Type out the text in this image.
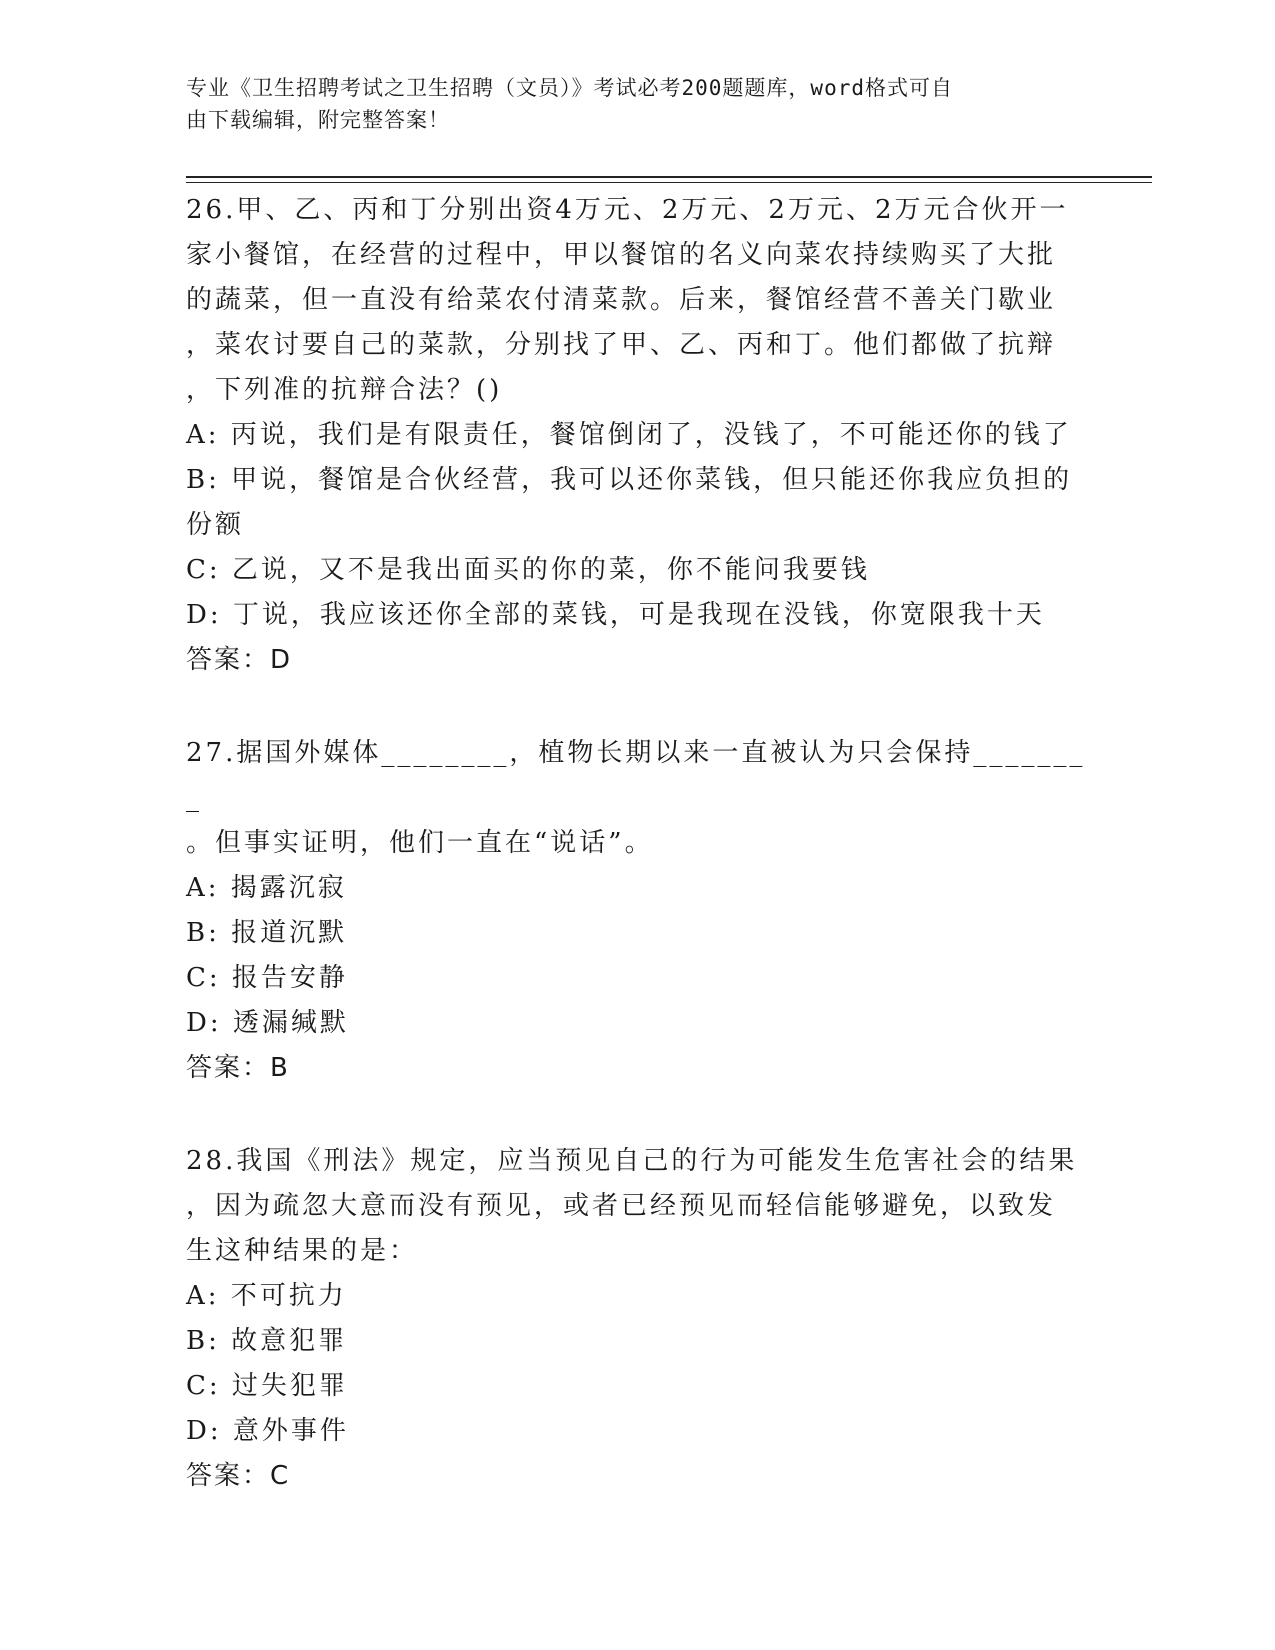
专业《卫生招聘考试之卫生招聘（文员）》考试必考200题题库，word格式可自
由下载编辑，附完整答案！
26.甲、乙、丙和丁分别出资4万元、2万元、2万元、2万元合伙开一
家小餐馆，在经营的过程中，甲以餐馆的名义向菜农持续购买了大批
的蔬菜，但一直没有给菜农付清菜款。后来，餐馆经营不善关门歇业
，菜农讨要自己的菜款，分别找了甲、乙、丙和丁。他们都做了抗辩
，下列准的抗辩合法？()
A: 丙说，我们是有限责任，餐馆倒闭了，没钱了，不可能还你的钱了
B: 甲说，餐馆是合伙经营，我可以还你菜钱，但只能还你我应负担的
份额
C: 乙说，又不是我出面买的你的菜，你不能问我要钱
D: 丁说，我应该还你全部的菜钱，可是我现在没钱，你宽限我十天
答案：D
27.据国外媒体________，植物长期以来一直被认为只会保持________
。但事实证明，他们一直在“说话”。
A: 揭露沉寂
B: 报道沉默
C: 报告安静
D: 透漏缄默
答案：B
28.我国《刑法》规定，应当预见自己的行为可能发生危害社会的结果
，因为疏忽大意而没有预见，或者已经预见而轻信能够避免，以致发
生这种结果的是：
A: 不可抗力
B: 故意犯罪
C: 过失犯罪
D: 意外事件
答案：C
